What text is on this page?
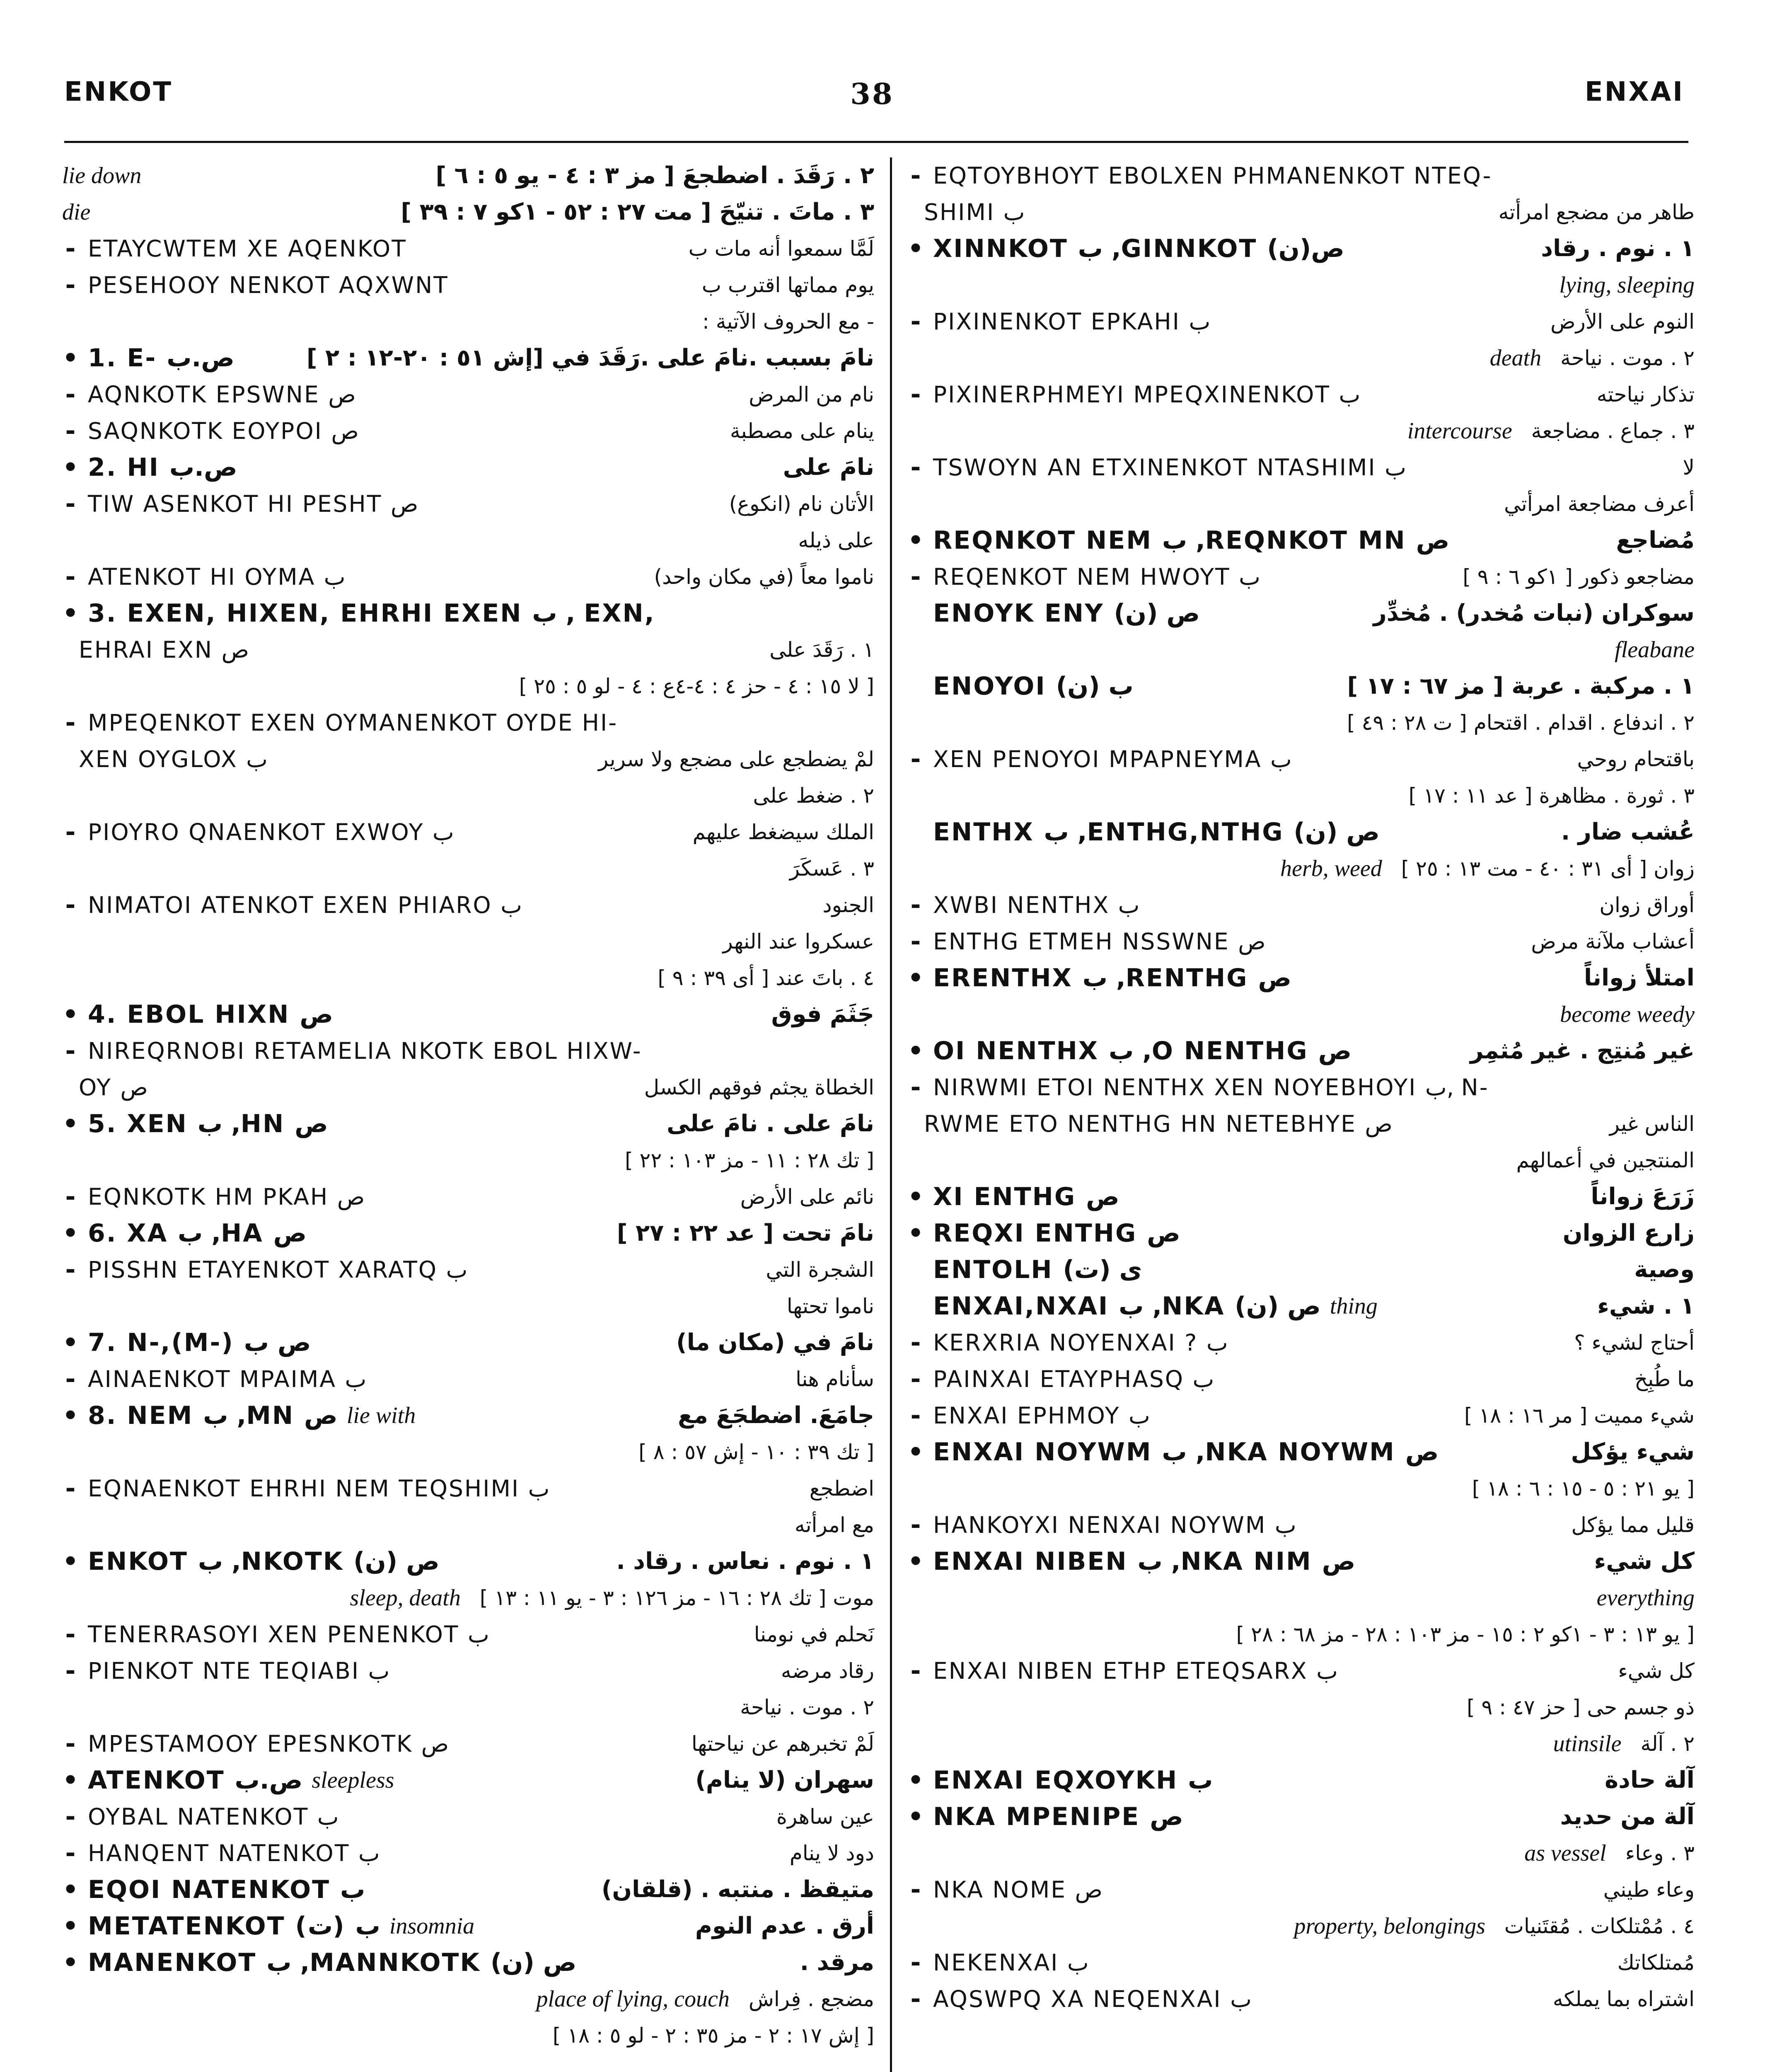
ENKOT	38	ENXAI
lie down	٢ . رَقَدَ . اضطجعَ [ مز ٣ : ٤ - يو ٥ : ٦ ]
die	٣ . ماتَ . تنيّحَ [ مت ٢٧ : ٥٢ - ١كو ٧ : ٣٩ ]
- ETAYCWTEM XE AQENKOT	لَمَّا سمعوا أنه مات ب
- PESEHOOY NENKOT AQXWNT	يوم مماتها اقترب ب
- مع الحروف الآتية :
• 1. E- ص.ب	نامَ بسبب .نامَ على .رَقَدَ في [إش ٥١ : ٢٠-١٢ : ٢ ]
- AQNKOTK EPSWNE ص	نام من المرض
- SAQNKOTK EOYPOI ص	ينام على مصطبة
• 2. HI ص.ب	نامَ على
- TIW ASENKOT HI PESHT ص	الأتان نام (انكوع)
على ذيله
- ATENKOT HI OYMA ب	ناموا معاً (في مكان واحد)
• 3. EXEN, HIXEN, EHRHI EXEN ب , EXN,
EHRAI EXN ص	١ . رَقَدَ على
[ لا ١٥ : ٤ - حز ٤ : ٤-٤ع : ٤ - لو ٥ : ٢٥ ]
- MPEQENKOT EXEN OYMANENKOT OYDE HI-
XEN OYGLOX ب	لمْ يضطجع على مضجع ولا سرير
٢ . ضغط على
- PIOYRO QNAENKOT EXWOY ب	الملك سيضغط عليهم
٣ . عَسكَرَ
- NIMATOI ATENKOT EXEN PHIARO ب	الجنود
عسكروا عند النهر
٤ . باتَ عند [ أى ٣٩ : ٩ ]
• 4. EBOL HIXN ص	جَثَمَ فوق
- NIREQRNOBI RETAMELIA NKOTK EBOL HIXW-
OY ص	الخطاة يجثم فوقهم الكسل
• 5. XEN ب ,HN ص	نامَ على . نامَ على
[ تك ٢٨ : ١١ - مز ١٠٣ : ٢٢ ]
- EQNKOTK HM PKAH ص	نائم على الأرض
• 6. XA ب ,HA ص	نامَ تحت [ عد ٢٢ : ٢٧ ]
- PISSHN ETAYENKOT XARATQ ب	الشجرة التي
ناموا تحتها
• 7. N-,(M-) ص ب	نامَ في (مكان ما)
- AINAENKOT MPAIMA ب	سأنام هنا
• 8. NEM ب ,MN ص lie with	جامَعَ. اضطجَعَ مع
[ تك ٣٩ : ١٠ - إش ٥٧ : ٨ ]
- EQNAENKOT EHRHI NEM TEQSHIMI ب	اضطجع
مع امرأته
• ENKOT ب ,NKOTK ص (ن)	١ . نوم . نعاس . رقاد .
sleep, death موت [ تك ٢٨ : ١٦ - مز ١٢٦ : ٣ - يو ١١ : ١٣ ]
- TENERRASOYI XEN PENENKOT ب	نَحلم في نومنا
- PIENKOT NTE TEQIABI ب	رقاد مرضه
٢ . موت . نياحة
- MPESTAMOOY EPESNKOTK ص	لَمْ تخبرهم عن نياحتها
• ATENKOT ص.ب sleepless	سهران (لا ينام)
- OYBAL NATENKOT ب	عين ساهرة
- HANQENT NATENKOT ب	دود لا ينام
• EQOI NATENKOT ب	متيقظ . منتبه . (قلقان)
• METATENKOT (ت) ب insomnia	أرق . عدم النوم
• MANENKOT ب ,MANNKOTK ص (ن)	مرقد .
place of lying, couch مضجع . فِراش
[ إش ١٧ : ٢ - مز ٣٥ : ٢ - لو ٥ : ١٨ ]
- EQTOYBHOYT EBOLXEN PHMANENKOT NTEQ-
SHIMI ب	طاهر من مضجع امرأته
• XINNKOT ب ,GINNKOT ص(ن)	١ . نوم . رقاد
lying, sleeping
- PIXINENKOT EPKAHI ب	النوم على الأرض
death ٢ . موت . نياحة
- PIXINERPHMEYI MPEQXINENKOT ب	تذكار نياحته
intercourse ٣ . جماع . مضاجعة
- TSWOYN AN ETXINENKOT NTASHIMI ب	لا
أعرف مضاجعة امرأتي
• REQNKOT NEM ب ,REQNKOT MN ص	مُضاجع
- REQENKOT NEM HWOYT ب	مضاجعو ذكور [ ١كو ٦ : ٩ ]
ENOYK ENY ص (ن)	سوكران (نبات مُخدر) . مُخدِّر
fleabane
ENOYOI ب (ن)	١ . مركبة . عربة [ مز ٦٧ : ١٧ ]
٢ . اندفاع . اقدام . اقتحام [ ت ٢٨ : ٤٩ ]
- XEN PENOYOI MPAPNEYMA ب	باقتحام روحي
٣ . ثورة . مظاهرة [ عد ١١ : ١٧ ]
ENTHX ب ,ENTHG,NTHG ص (ن)	عُشب ضار .
herb, weed زوان [ أى ٣١ : ٤٠ - مت ١٣ : ٢٥ ]
- XWBI NENTHX ب	أوراق زوان
- ENTHG ETMEH NSSWNE ص	أعشاب ملآنة مرض
• ERENTHX ب ,RENTHG ص	امتلأ زواناً
become weedy
• OI NENTHX ب ,O NENTHG ص	غير مُنتِج . غير مُثمِر
- NIRWMI ETOI NENTHX XEN NOYEBHOYI ب, N-
RWME ETO NENTHG HN NETEBHYE ص	الناس غير
المنتجين في أعمالهم
• XI ENTHG ص	زَرَعَ زواناً
• REQXI ENTHG ص	زارع الزوان
ENTOLH ى (ت)	وصية
ENXAI,NXAI ب ,NKA ص (ن) thing	١ . شيء
- KERXRIA NOYENXAI ? ب	أحتاج لشيء ؟
- PAINXAI ETAYPHASQ ب	ما طُبِخ
- ENXAI EPHMOY ب	شيء مميت [ مر ١٦ : ١٨ ]
• ENXAI NOYWM ب ,NKA NOYWM ص	شيء يؤكل
[ يو ٢١ : ٥ - ١٥ : ٦ : ١٨ ]
- HANKOYXI NENXAI NOYWM ب	قليل مما يؤكل
• ENXAI NIBEN ب ,NKA NIM ص	كل شيء
everything
[ يو ١٣ : ٣ - ١كو ٢ : ١٥ - مز ١٠٣ : ٢٨ - مز ٦٨ : ٢٨ ]
- ENXAI NIBEN ETHP ETEQSARX ب	كل شيء
ذو جسم حى [ حز ٤٧ : ٩ ]
utinsile ٢ . آلة
• ENXAI EQXOYKH ب	آلة حادة
• NKA MPENIPE ص	آلة من حديد
as vessel ٣ . وعاء
- NKA NOME ص	وعاء طيني
property, belongings ٤ . مُمْتلكات . مُقتَنيات
- NEKENXAI ب	مُمتلكاتك
- AQSWPQ XA NEQENXAI ب	اشتراه بما يملكه
